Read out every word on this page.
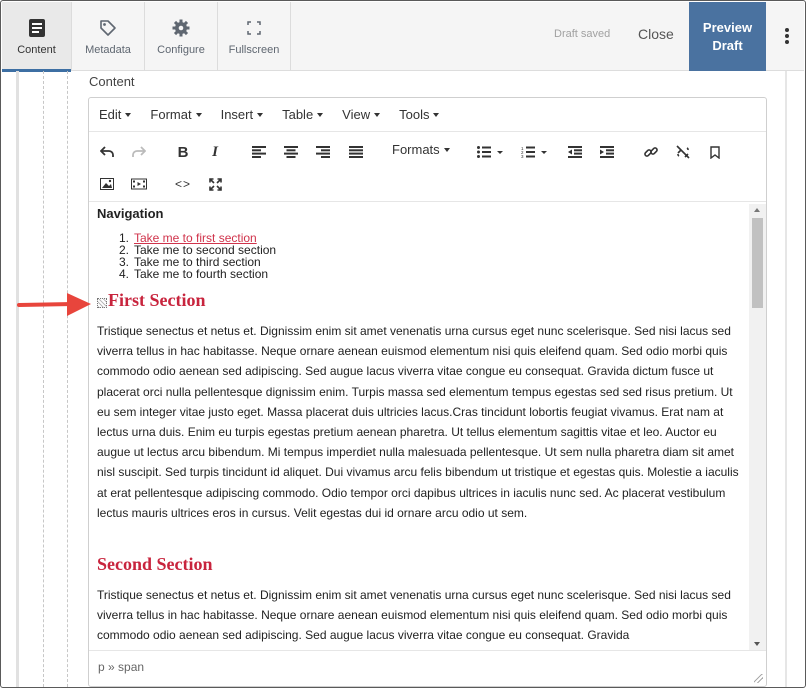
Content	Metadata Configure Fullscreen
Draft saved Close Preview Draft
Content
Edit Format Insert Table View Tools
B	I	Formats	1
2
3
<>
Navigation
1. Take me to first section
2. Take me to second section
3. Take me to third section
4. Take me to fourth section
First Section
Tristique senectus et netus et. Dignissim enim sit amet venenatis urna cursus eget nunc scelerisque. Sed nisi lacus sed viverra tellus in hac habitasse. Neque ornare aenean euismod elementum nisi quis eleifend quam. Sed odio morbi quis commodo odio aenean sed adipiscing. Sed augue lacus viverra vitae congue eu consequat. Gravida dictum fusce ut placerat orci nulla pellentesque dignissim enim. Turpis massa sed elementum tempus egestas sed sed risus pretium. Ut eu sem integer vitae justo eget. Massa placerat duis ultricies lacus.Cras tincidunt lobortis feugiat vivamus. Erat nam at lectus urna duis. Enim eu turpis egestas pretium aenean pharetra. Ut tellus elementum sagittis vitae et leo. Auctor eu augue ut lectus arcu bibendum. Mi tempus imperdiet nulla malesuada pellentesque. Ut sem nulla pharetra diam sit amet nisl suscipit. Sed turpis tincidunt id aliquet. Dui vivamus arcu felis bibendum ut tristique et egestas quis. Molestie a iaculis at erat pellentesque adipiscing commodo. Odio tempor orci dapibus ultrices in iaculis nunc sed. Ac placerat vestibulum lectus mauris ultrices eros in cursus. Velit egestas dui id ornare arcu odio ut sem.
Second Section
Tristique senectus et netus et. Dignissim enim sit amet venenatis urna cursus eget nunc scelerisque. Sed nisi lacus sed viverra tellus in hac habitasse. Neque ornare aenean euismod elementum nisi quis eleifend quam. Sed odio morbi quis commodo odio aenean sed adipiscing. Sed augue lacus viverra vitae congue eu consequat. Gravida
p » span
